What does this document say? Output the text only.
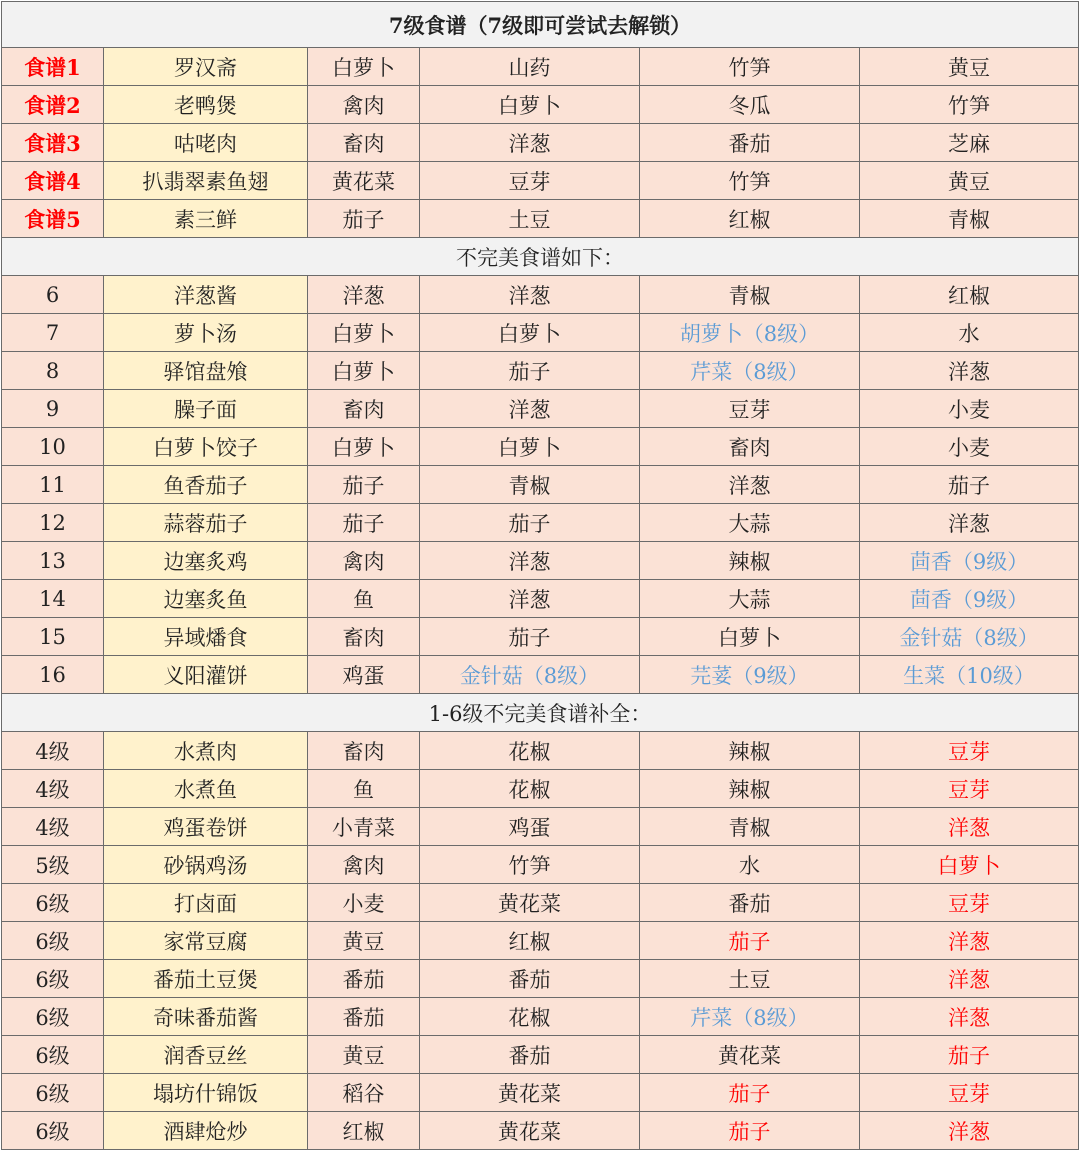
7级食谱（7级即可尝试去解锁）					
食谱1	罗汉斋	白萝卜	山药	竹笋	黄豆
食谱2	老鸭煲	禽肉	白萝卜	冬瓜	竹笋
食谱3	咕咾肉	畜肉	洋葱	番茄	芝麻
食谱4	扒翡翠素鱼翅	黄花菜	豆芽	竹笋	黄豆
食谱5	素三鲜	茄子	土豆	红椒	青椒
不完美食谱如下：					
6	洋葱酱	洋葱	洋葱	青椒	红椒
7	萝卜汤	白萝卜	白萝卜	胡萝卜（8级）	水
8	驿馆盘飧	白萝卜	茄子	芹菜（8级）	洋葱
9	臊子面	畜肉	洋葱	豆芽	小麦
10	白萝卜饺子	白萝卜	白萝卜	畜肉	小麦
11	鱼香茄子	茄子	青椒	洋葱	茄子
12	蒜蓉茄子	茄子	茄子	大蒜	洋葱
13	边塞炙鸡	禽肉	洋葱	辣椒	茴香（9级）
14	边塞炙鱼	鱼	洋葱	大蒜	茴香（9级）
15	异域燔食	畜肉	茄子	白萝卜	金针菇（8级）
16	义阳灌饼	鸡蛋	金针菇（8级）	芫荽（9级）	生菜（10级）
1-6级不完美食谱补全：					
4级	水煮肉	畜肉	花椒	辣椒	豆芽
4级	水煮鱼	鱼	花椒	辣椒	豆芽
4级	鸡蛋卷饼	小青菜	鸡蛋	青椒	洋葱
5级	砂锅鸡汤	禽肉	竹笋	水	白萝卜
6级	打卤面	小麦	黄花菜	番茄	豆芽
6级	家常豆腐	黄豆	红椒	茄子	洋葱
6级	番茄土豆煲	番茄	番茄	土豆	洋葱
6级	奇味番茄酱	番茄	花椒	芹菜（8级）	洋葱
6级	润香豆丝	黄豆	番茄	黄花菜	茄子
6级	塌坊什锦饭	稻谷	黄花菜	茄子	豆芽
6级	酒肆炝炒	红椒	黄花菜	茄子	洋葱
